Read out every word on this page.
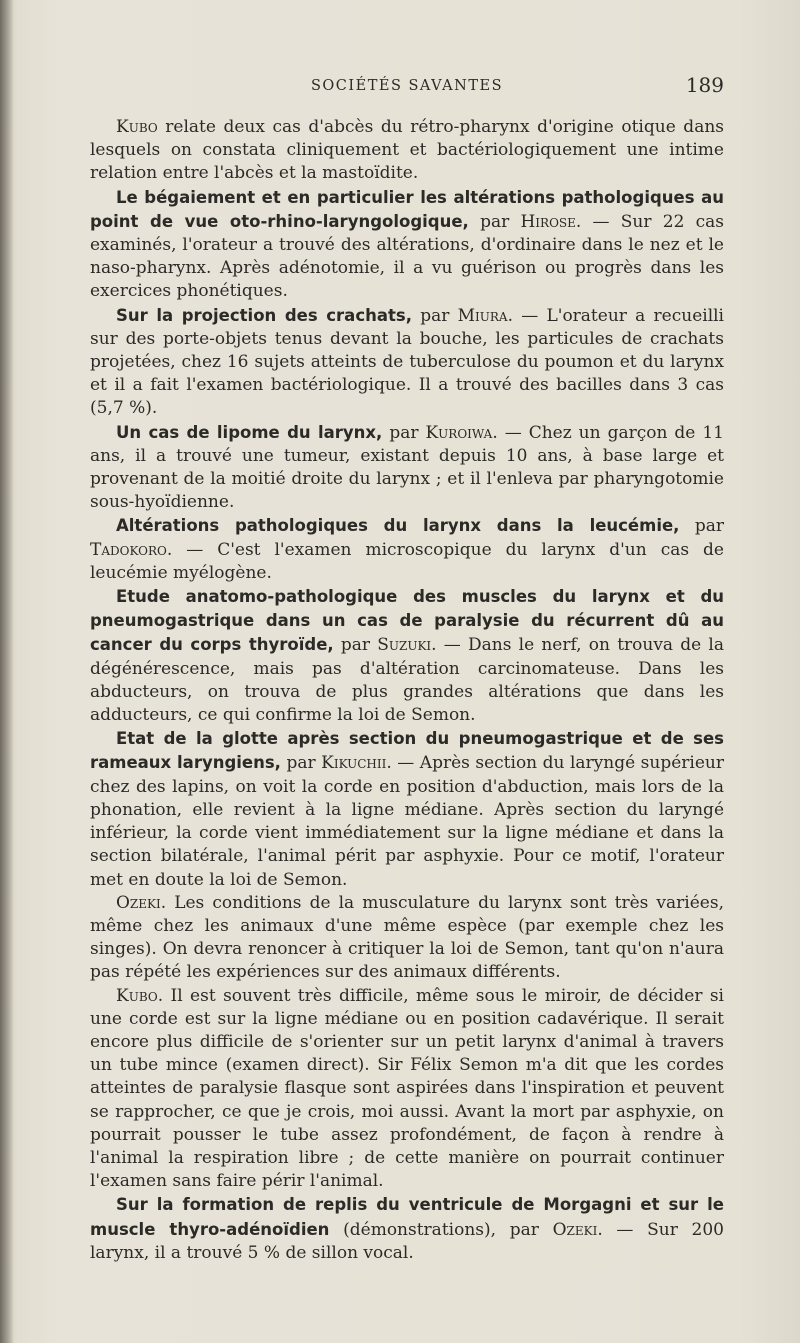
SOCIÉTÉS SAVANTES	189

Kubo relate deux cas d'abcès du rétro-pharynx d'origine otique dans lesquels on constata cliniquement et bactériologiquement une intime relation entre l'abcès et la mastoïdite.

Le bégaiement et en particulier les altérations pathologiques au point de vue oto-rhino-laryngologique, par Hirose. — Sur 22 cas examinés, l'orateur a trouvé des altérations, d'ordinaire dans le nez et le naso-pharynx. Après adénotomie, il a vu guérison ou progrès dans les exercices phonétiques.

Sur la projection des crachats, par Miura. — L'orateur a recueilli sur des porte-objets tenus devant la bouche, les particules de crachats projetées, chez 16 sujets atteints de tuberculose du poumon et du larynx et il a fait l'examen bactériologique. Il a trouvé des bacilles dans 3 cas (5,7 %).

Un cas de lipome du larynx, par Kuroiwa. — Chez un garçon de 11 ans, il a trouvé une tumeur, existant depuis 10 ans, à base large et provenant de la moitié droite du larynx ; et il l'enleva par pharyngotomie sous-hyoïdienne.

Altérations pathologiques du larynx dans la leucémie, par Tadokoro. — C'est l'examen microscopique du larynx d'un cas de leucémie myélogène.

Etude anatomo-pathologique des muscles du larynx et du pneumogastrique dans un cas de paralysie du récurrent dû au cancer du corps thyroïde, par Suzuki. — Dans le nerf, on trouva de la dégénérescence, mais pas d'altération carcinomateuse. Dans les abducteurs, on trouva de plus grandes altérations que dans les adducteurs, ce qui confirme la loi de Semon.

Etat de la glotte après section du pneumogastrique et de ses rameaux laryngiens, par Kikuchii. — Après section du laryngé supérieur chez des lapins, on voit la corde en position d'abduction, mais lors de la phonation, elle revient à la ligne médiane. Après section du laryngé inférieur, la corde vient immédiatement sur la ligne médiane et dans la section bilatérale, l'animal périt par asphyxie. Pour ce motif, l'orateur met en doute la loi de Semon.

Ozeki. Les conditions de la musculature du larynx sont très variées, même chez les animaux d'une même espèce (par exemple chez les singes). On devra renoncer à critiquer la loi de Semon, tant qu'on n'aura pas répété les expériences sur des animaux différents.

Kubo. Il est souvent très difficile, même sous le miroir, de décider si une corde est sur la ligne médiane ou en position cadavérique. Il serait encore plus difficile de s'orienter sur un petit larynx d'animal à travers un tube mince (examen direct). Sir Félix Semon m'a dit que les cordes atteintes de paralysie flasque sont aspirées dans l'inspiration et peuvent se rapprocher, ce que je crois, moi aussi. Avant la mort par asphyxie, on pourrait pousser le tube assez profondément, de façon à rendre à l'animal la respiration libre ; de cette manière on pourrait continuer l'examen sans faire périr l'animal.

Sur la formation de replis du ventricule de Morgagni et sur le muscle thyro-adénoïdien (démonstrations), par Ozeki. — Sur 200 larynx, il a trouvé 5 % de sillon vocal.
